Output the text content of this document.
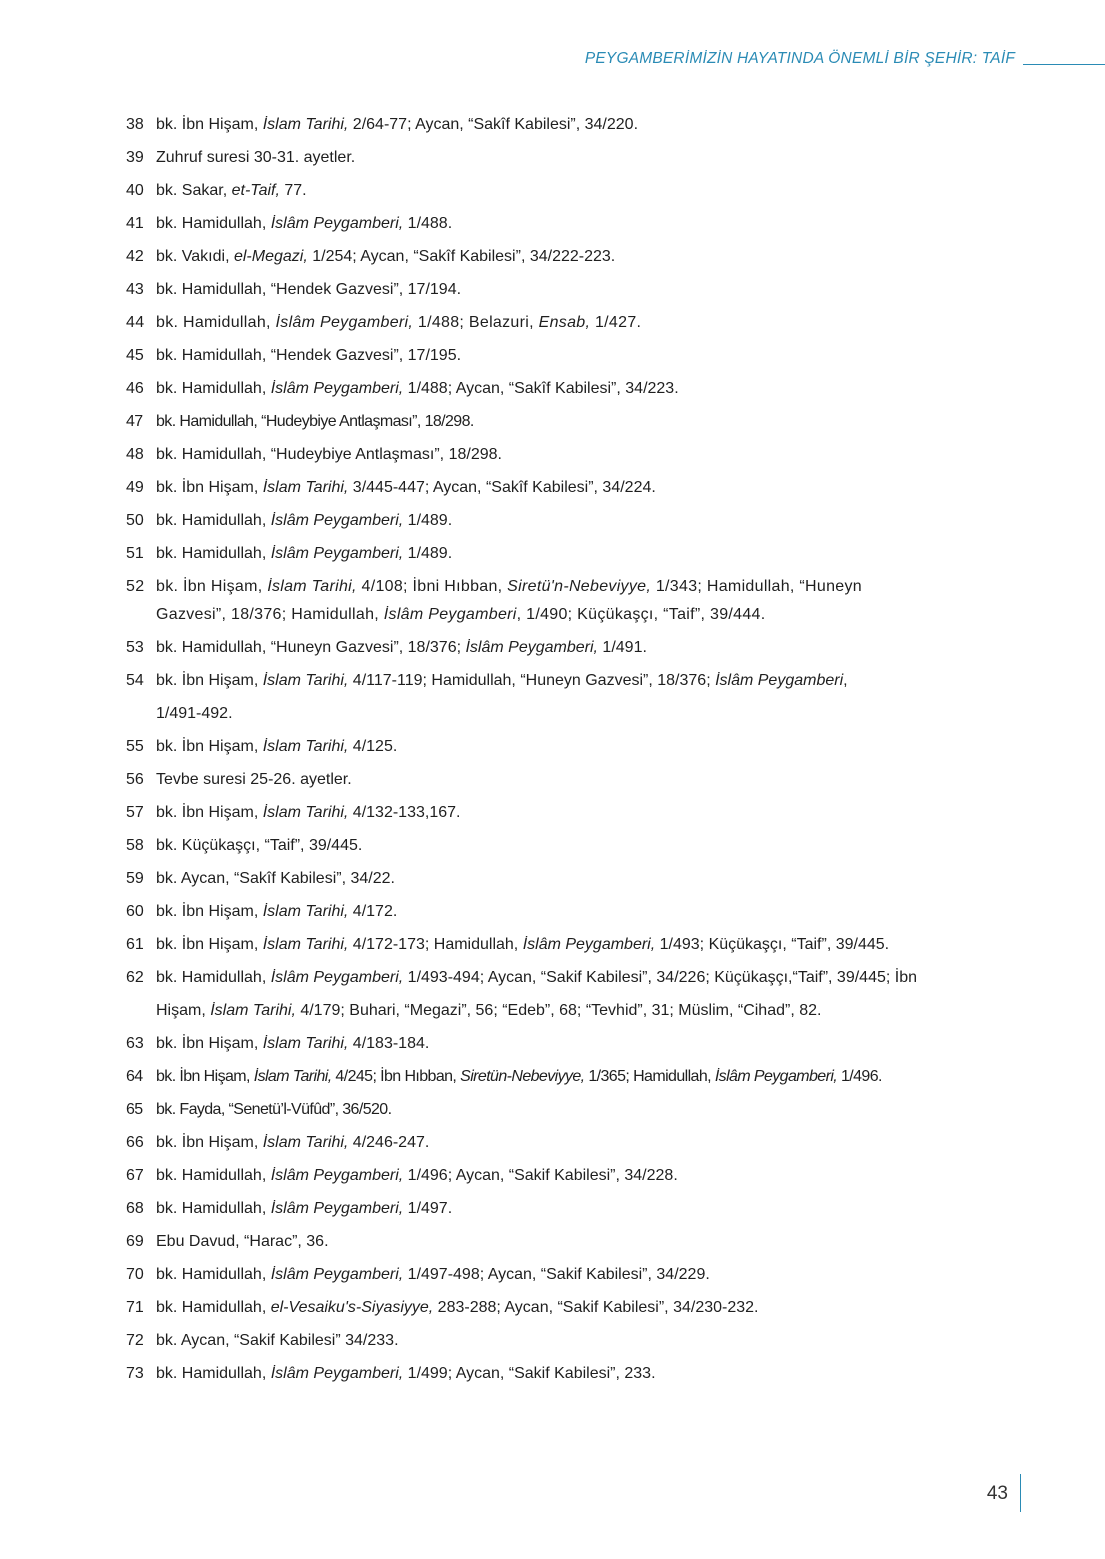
PEYGAMBERİMİZİN HAYATINDA ÖNEMLİ BİR ŞEHİR: TAİF
38 bk. İbn Hişam, İslam Tarihi, 2/64-77; Aycan, “Sakîf Kabilesi”, 34/220.
39 Zuhruf suresi 30-31. ayetler.
40 bk. Sakar, et-Taif, 77.
41 bk. Hamidullah, İslâm Peygamberi, 1/488.
42 bk. Vakıdi, el-Megazi, 1/254; Aycan, “Sakîf Kabilesi”, 34/222-223.
43 bk. Hamidullah, “Hendek Gazvesi”, 17/194.
44 bk. Hamidullah, İslâm Peygamberi, 1/488; Belazuri, Ensab, 1/427.
45 bk. Hamidullah, “Hendek Gazvesi”, 17/195.
46 bk. Hamidullah, İslâm Peygamberi, 1/488; Aycan, “Sakîf Kabilesi”, 34/223.
47 bk. Hamidullah, “Hudeybiye Antlaşması”, 18/298.
48 bk. Hamidullah, “Hudeybiye Antlaşması”, 18/298.
49 bk. İbn Hişam, İslam Tarihi, 3/445-447; Aycan, “Sakîf Kabilesi”, 34/224.
50 bk. Hamidullah, İslâm Peygamberi, 1/489.
51 bk. Hamidullah, İslâm Peygamberi, 1/489.
52 bk. İbn Hişam, İslam Tarihi, 4/108; İbni Hıbban, Siretü'n-Nebeviyye, 1/343; Hamidullah, “Huneyn
Gazvesi”, 18/376; Hamidullah, İslâm Peygamberi, 1/490; Küçükaşçı, “Taif”, 39/444.
53 bk. Hamidullah, “Huneyn Gazvesi”, 18/376; İslâm Peygamberi, 1/491.
54 bk. İbn Hişam, İslam Tarihi, 4/117-119; Hamidullah, “Huneyn Gazvesi”, 18/376; İslâm Peygamberi,
1/491-492.
55 bk. İbn Hişam, İslam Tarihi, 4/125.
56 Tevbe suresi 25-26. ayetler.
57 bk. İbn Hişam, İslam Tarihi, 4/132-133,167.
58 bk. Küçükaşçı, “Taif”, 39/445.
59 bk. Aycan, “Sakîf Kabilesi”, 34/22.
60 bk. İbn Hişam, İslam Tarihi, 4/172.
61 bk. İbn Hişam, İslam Tarihi, 4/172-173; Hamidullah, İslâm Peygamberi, 1/493; Küçükaşçı, “Taif”, 39/445.
62 bk. Hamidullah, İslâm Peygamberi, 1/493-494; Aycan, “Sakif Kabilesi”, 34/226; Küçükaşçı,“Taif”, 39/445; İbn
Hişam, İslam Tarihi, 4/179; Buhari, “Megazi”, 56; “Edeb”, 68; “Tevhid”, 31; Müslim, “Cihad”, 82.
63 bk. İbn Hişam, İslam Tarihi, 4/183-184.
64 bk. İbn Hişam, İslam Tarihi, 4/245; İbn Hıbban, Siretün-Nebeviyye, 1/365; Hamidullah, İslâm Peygamberi, 1/496.
65 bk. Fayda, “Senetü’l-Vüfûd”, 36/520.
66 bk. İbn Hişam, İslam Tarihi, 4/246-247.
67 bk. Hamidullah, İslâm Peygamberi, 1/496; Aycan, “Sakif Kabilesi”, 34/228.
68 bk. Hamidullah, İslâm Peygamberi, 1/497.
69 Ebu Davud, “Harac”, 36.
70 bk. Hamidullah, İslâm Peygamberi, 1/497-498; Aycan, “Sakif Kabilesi”, 34/229.
71 bk. Hamidullah, el-Vesaiku's-Siyasiyye, 283-288; Aycan, “Sakif Kabilesi”, 34/230-232.
72 bk. Aycan, “Sakif Kabilesi” 34/233.
73 bk. Hamidullah, İslâm Peygamberi, 1/499; Aycan, “Sakif Kabilesi”, 233.
43
